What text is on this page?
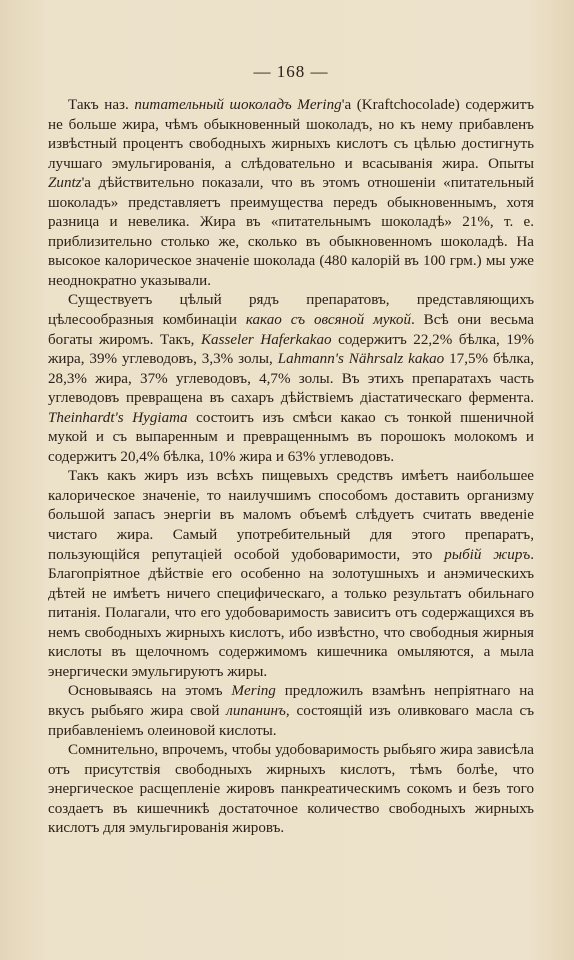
— 168 —

Такъ наз. питательный шоколадъ Mering'a (Kraftchocolade) содержитъ не больше жира, чѣмъ обыкновенный шоколадъ, но къ нему прибавленъ извѣстный процентъ свободныхъ жирныхъ кислотъ съ цѣлью достигнуть лучшаго эмульгированія, а слѣдовательно и всасыванія жира. Опыты Zuntz'a дѣйствительно показали, что въ этомъ отношеніи «питательный шоколадъ» представляетъ преимущества передъ обыкновеннымъ, хотя разница и невелика. Жира въ «питательнымъ шоколадѣ» 21%, т. е. приблизительно столько же, сколько въ обыкновенномъ шоколадѣ. На высокое калорическое значеніе шоколада (480 калорій въ 100 грм.) мы уже неоднократно указывали.

Существуетъ цѣлый рядъ препаратовъ, представляющихъ цѣлесообразныя комбинаціи какао съ овсяной мукой. Всѣ они весьма богаты жиромъ. Такъ, Kasseler Haferkakao содержитъ 22,2% бѣлка, 19% жира, 39% углеводовъ, 3,3% золы, Lahmann's Nährsalz kakao 17,5% бѣлка, 28,3% жира, 37% углеводовъ, 4,7% золы. Въ этихъ препаратахъ часть углеводовъ превращена въ сахаръ дѣйствіемъ діастатическаго фермента. Theinhardt's Hygiama состоитъ изъ смѣси какао съ тонкой пшеничной мукой и съ выпаренным и превращеннымъ въ порошокъ молокомъ и содержитъ 20,4% бѣлка, 10% жира и 63% углеводовъ.

Такъ какъ жиръ изъ всѣхъ пищевыхъ средствъ имѣетъ наибольшее калорическое значеніе, то наилучшимъ способомъ доставить организму большой запасъ энергіи въ маломъ объемѣ слѣдуетъ считать введеніе чистаго жира. Самый употребительный для этого препаратъ, пользующійся репутаціей особой удобоваримости, это рыбій жиръ. Благопріятное дѣйствіе его особенно на золотушныхъ и анэмическихъ дѣтей не имѣетъ ничего специфическаго, а только результатъ обильнаго питанія. Полагали, что его удобоваримость зависитъ отъ содержащихся въ немъ свободныхъ жирныхъ кислотъ, ибо извѣстно, что свободныя жирныя кислоты въ щелочномъ содержимомъ кишечника омыляются, а мыла энергически эмульгируютъ жиры.

Основываясь на этомъ Mering предложилъ взамѣнъ непріятнаго на вкусъ рыбьяго жира свой липанинъ, состоящій изъ оливковаго масла съ прибавленіемъ олеиновой кислоты.

Сомнительно, впрочемъ, чтобы удобоваримость рыбьяго жира зависѣла отъ присутствія свободныхъ жирныхъ кислотъ, тѣмъ болѣе, что энергическое расщепленіе жировъ панкреатическимъ сокомъ и безъ того создаетъ въ кишечникѣ достаточное количество свободныхъ жирныхъ кислотъ для эмульгированія жировъ.
